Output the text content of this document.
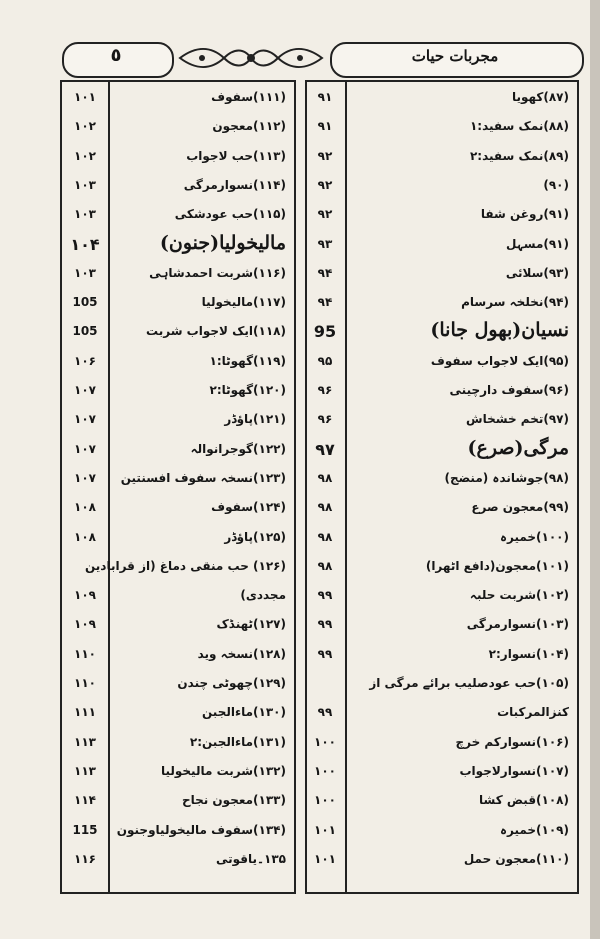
٥	مجربات حیات
(۱۱۱)سفوف
۱۰۱
(۱۱۲)معجون
۱۰۲
(۱۱۳)حب لاجواب
۱۰۲
(۱۱۴)نسوارمرگی
۱۰۳
(۱۱۵)حب عودشکی
۱۰۳
مالیخولیا(جنون)
۱۰۴
(۱۱۶)شربت احمدشاہی
۱۰۳
(۱۱۷)مالیخولیا
105
(۱۱۸)ایک لاجواب شربت
105
(۱۱۹)گھوٹا:۱
۱۰۶
(۱۲۰)گھوٹا:۲
۱۰۷
(۱۲۱)پاؤڈر
۱۰۷
(۱۲۲)گوجرانوالہ
۱۰۷
(۱۲۳)نسخہ سفوف افسنتین
۱۰۷
(۱۲۴)سفوف
۱۰۸
(۱۲۵)پاؤڈر
۱۰۸
(۱۲۶) حب منقی دماغ (از قرابادین
مجددی)
۱۰۹
(۱۲۷)ٹھنڈک
۱۰۹
(۱۲۸)نسخہ وید
۱۱۰
(۱۲۹)چھوٹی چندن
۱۱۰
(۱۳۰)ماءالجبن
۱۱۱
(۱۳۱)ماءالجبن:۲
۱۱۳
(۱۳۲)شربت مالیخولیا
۱۱۳
(۱۳۳)معجون نجاح
۱۱۴
(۱۳۴)سفوف مالیخولیاوجنون
115
۱۳۵۔یاقوتی
۱۱۶
(۸۷)کھویا
۹۱
(۸۸)نمک سفید:۱
۹۱
(۸۹)نمک سفید:۲
۹۲
(۹۰)
۹۲
(۹۱)روغن شفا
۹۲
(۹۱)مسہل
۹۳
(۹۳)سلائی
۹۴
(۹۴)نخلخہ سرسام
۹۴
نسیان(بھول جانا)
95
(۹۵)ایک لاجواب سفوف
۹۵
(۹۶)سفوف دارچینی
۹۶
(۹۷)تخم خشخاش
۹۶
مرگی(صرع)
۹۷
(۹۸)جوشاندہ (منضج)
۹۸
(۹۹)معجون صرع
۹۸
(۱۰۰)خمیرہ
۹۸
(۱۰۱)معجون(دافع اٹھرا)
۹۸
(۱۰۲)شربت حلبہ
۹۹
(۱۰۳)نسوارمرگی
۹۹
(۱۰۴)نسوار:۲
۹۹
(۱۰۵)حب عودصلیب برائے مرگی از
کنزالمرکبات
۹۹
(۱۰۶)نسوارکم خرچ
۱۰۰
(۱۰۷)نسوارلاجواب
۱۰۰
(۱۰۸)قبض کشا
۱۰۰
(۱۰۹)خمیرہ
۱۰۱
(۱۱۰)معجون حمل
۱۰۱
